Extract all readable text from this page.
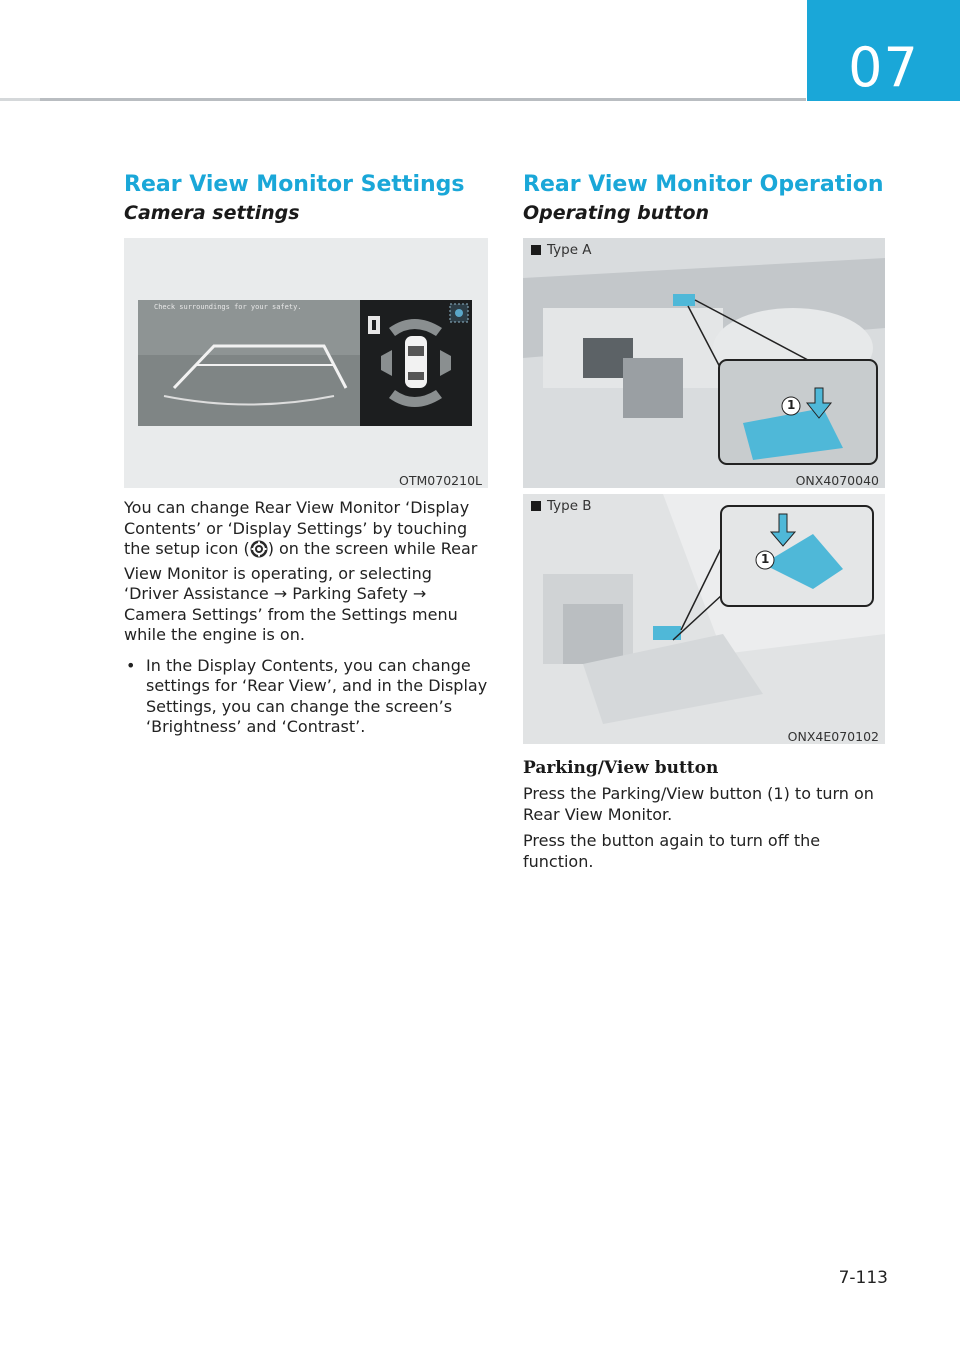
07
Rear View Monitor Settings
Camera settings
Check surroundings for your safety.
OTM070210L

You can change Rear View Monitor ‘Display Contents’ or ‘Display Settings’ by touching the setup icon ( ) on the screen while Rear View Monitor is operating, or selecting ‘Driver Assistance → Parking Safety → Camera Settings’ from the Settings menu while the engine is on.

• In the Display Contents, you can change settings for ‘Rear View’, and in the Display Settings, you can change the screen’s ‘Brightness’ and ‘Contrast’.
Rear View Monitor Operation
Operating button
Type A
1
ONX4070040
Type B
1
ONX4E070102
Parking/View button

Press the Parking/View button (1) to turn on Rear View Monitor.

Press the button again to turn off the function.

7-113
